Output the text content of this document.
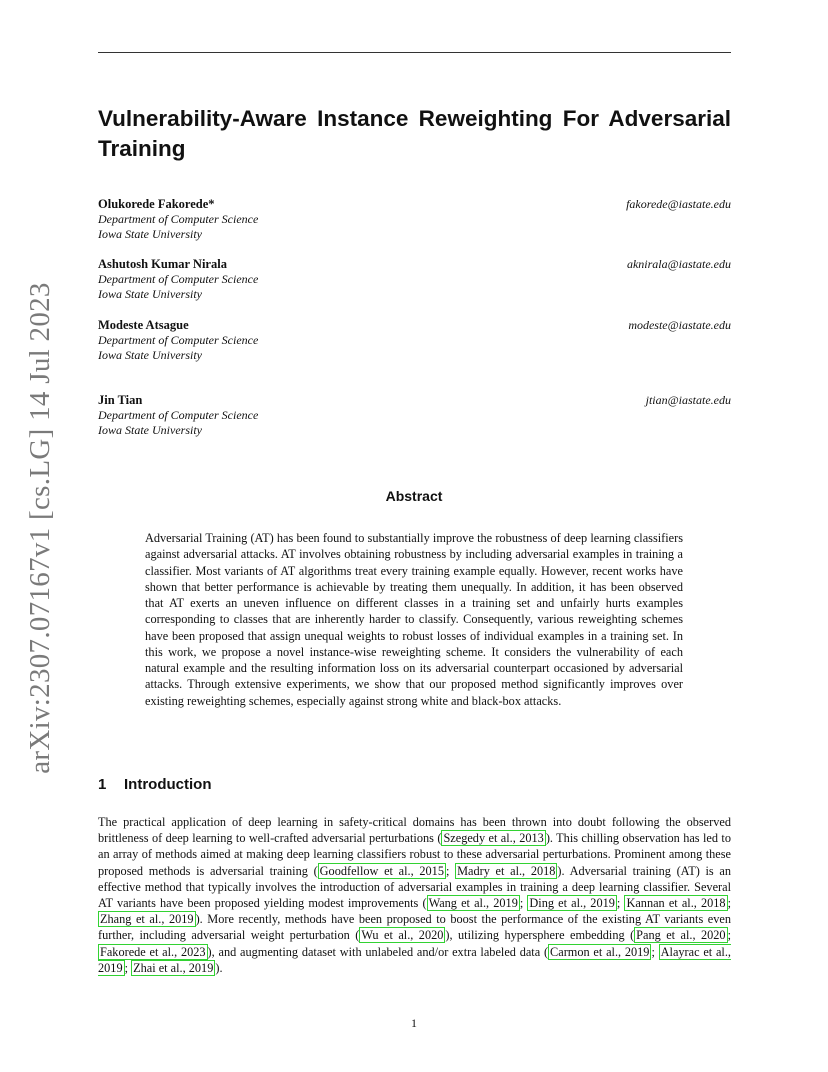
arXiv:2307.07167v1 [cs.LG] 14 Jul 2023
Vulnerability-Aware Instance Reweighting For Adversarial Training
Olukorede Fakorede*
Department of Computer Science
Iowa State University
fakorede@iastate.edu
Ashutosh Kumar Nirala
Department of Computer Science
Iowa State University
aknirala@iastate.edu
Modeste Atsague
Department of Computer Science
Iowa State University
modeste@iastate.edu
Jin Tian
Department of Computer Science
Iowa State University
jtian@iastate.edu
Abstract

Adversarial Training (AT) has been found to substantially improve the robustness of deep learning classifiers against adversarial attacks. AT involves obtaining robustness by including adversarial examples in training a classifier. Most variants of AT algorithms treat every training example equally. However, recent works have shown that better performance is achievable by treating them unequally. In addition, it has been observed that AT exerts an uneven influence on different classes in a training set and unfairly hurts examples corresponding to classes that are inherently harder to classify. Consequently, various reweighting schemes have been proposed that assign unequal weights to robust losses of individual examples in a training set. In this work, we propose a novel instance-wise reweighting scheme. It considers the vulnerability of each natural example and the resulting information loss on its adversarial counterpart occasioned by adversarial attacks. Through extensive experiments, we show that our proposed method significantly improves over existing reweighting schemes, especially against strong white and black-box attacks.

1 Introduction

The practical application of deep learning in safety-critical domains has been thrown into doubt following the observed brittleness of deep learning to well-crafted adversarial perturbations ( Szegedy et al., 2013 ). This chilling observation has led to an array of methods aimed at making deep learning classifiers robust to these adversarial perturbations. Prominent among these proposed methods is adversarial training ( Goodfellow et al., 2015 ; Madry et al., 2018 ). Adversarial training (AT) is an effective method that typically involves the introduction of adversarial examples in training a deep learning classifier. Several AT variants have been proposed yielding modest improvements ( Wang et al., 2019 ; Ding et al., 2019 ; Kannan et al., 2018 ; Zhang et al., 2019 ). More recently, methods have been proposed to boost the performance of the existing AT variants even further, including adversarial weight perturbation ( Wu et al., 2020 ), utilizing hypersphere embedding ( Pang et al., 2020 ; Fakorede et al., 2023 ), and augmenting dataset with unlabeled and/or extra labeled data ( Carmon et al., 2019 ; Alayrac et al., 2019 ; Zhai et al., 2019 ).

1
